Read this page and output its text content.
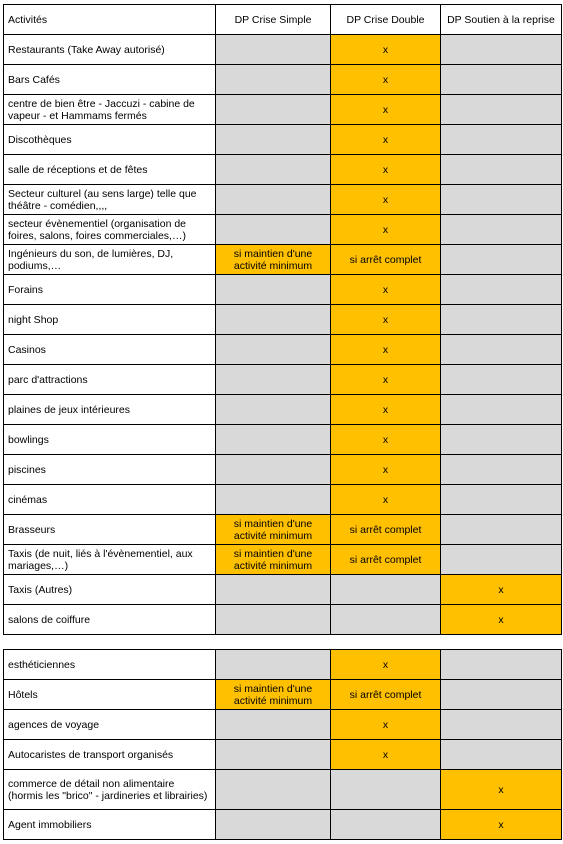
Activités	DP Crise Simple	DP Crise Double	DP Soutien à la reprise
Restaurants (Take Away autorisé)		x	
Bars Cafés		x	
centre de bien être - Jaccuzi - cabine de vapeur - et Hammams fermés		x	
Discothèques		x	
salle de réceptions et de fêtes		x	
Secteur culturel (au sens large) telle que théâtre - comédien,,,,		x	
secteur évènementiel (organisation de foires, salons, foires commerciales,…)		x	
Ingénieurs du son, de lumières, DJ, podiums,…	si maintien d'une activité minimum	si arrêt complet	
Forains		x	
night Shop		x	
Casinos		x	
parc d'attractions		x	
plaines de jeux intérieures		x	
bowlings		x	
piscines		x	
cinémas		x	
Brasseurs	si maintien d'une activité minimum	si arrêt complet	
Taxis (de nuit, liés à l'évènementiel, aux mariages,…)	si maintien d'une activité minimum	si arrêt complet	
Taxis (Autres)			x
salons de coiffure			x
esthéticiennes		x	
Hôtels	si maintien d'une activité minimum	si arrêt complet	
agences de voyage		x	
Autocaristes de transport organisés		x	
commerce de détail non alimentaire (hormis les "brico" - jardineries et librairies)			x
Agent immobiliers			x
